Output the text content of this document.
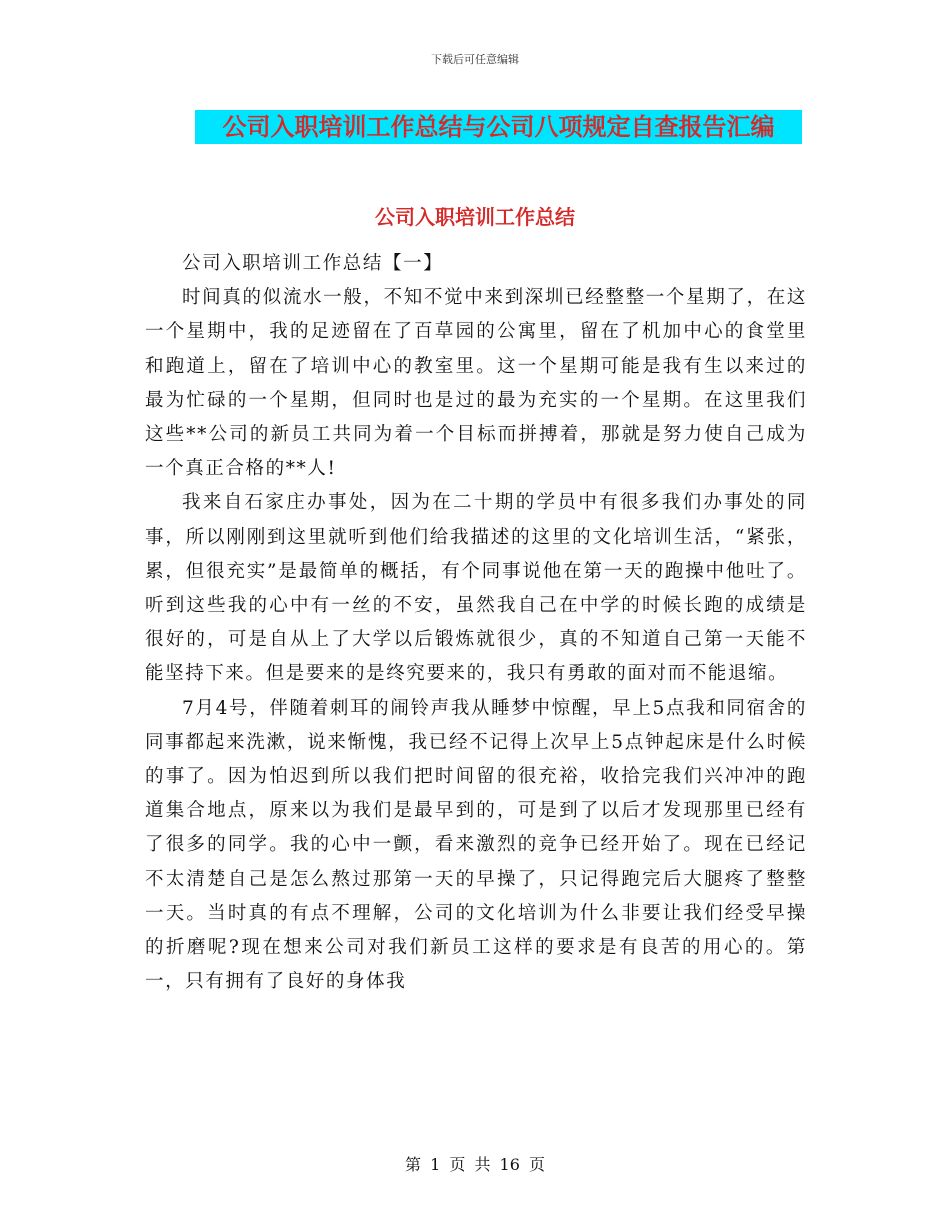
下载后可任意编辑
公司入职培训工作总结与公司八项规定自查报告汇编
公司入职培训工作总结

公司入职培训工作总结【一】

时间真的似流水一般，不知不觉中来到深圳已经整整一个星期了，在这一个星期中，我的足迹留在了百草园的公寓里，留在了机加中心的食堂里和跑道上，留在了培训中心的教室里。这一个星期可能是我有生以来过的最为忙碌的一个星期，但同时也是过的最为充实的一个星期。在这里我们这些**公司的新员工共同为着一个目标而拼搏着，那就是努力使自己成为一个真正合格的**人!

我来自石家庄办事处，因为在二十期的学员中有很多我们办事处的同事，所以刚刚到这里就听到他们给我描述的这里的文化培训生活，“紧张，累，但很充实”是最简单的概括，有个同事说他在第一天的跑操中他吐了。听到这些我的心中有一丝的不安，虽然我自己在中学的时候长跑的成绩是很好的，可是自从上了大学以后锻炼就很少，真的不知道自己第一天能不能坚持下来。但是要来的是终究要来的，我只有勇敢的面对而不能退缩。

7月4号，伴随着刺耳的闹铃声我从睡梦中惊醒，早上5点我和同宿舍的同事都起来洗漱，说来惭愧，我已经不记得上次早上5点钟起床是什么时候的事了。因为怕迟到所以我们把时间留的很充裕，收拾完我们兴冲冲的跑道集合地点，原来以为我们是最早到的，可是到了以后才发现那里已经有了很多的同学。我的心中一颤，看来激烈的竞争已经开始了。现在已经记不太清楚自己是怎么熬过那第一天的早操了，只记得跑完后大腿疼了整整一天。当时真的有点不理解，公司的文化培训为什么非要让我们经受早操的折磨呢?现在想来公司对我们新员工这样的要求是有良苦的用心的。第一，只有拥有了良好的身体我

第 1 页 共 16 页
